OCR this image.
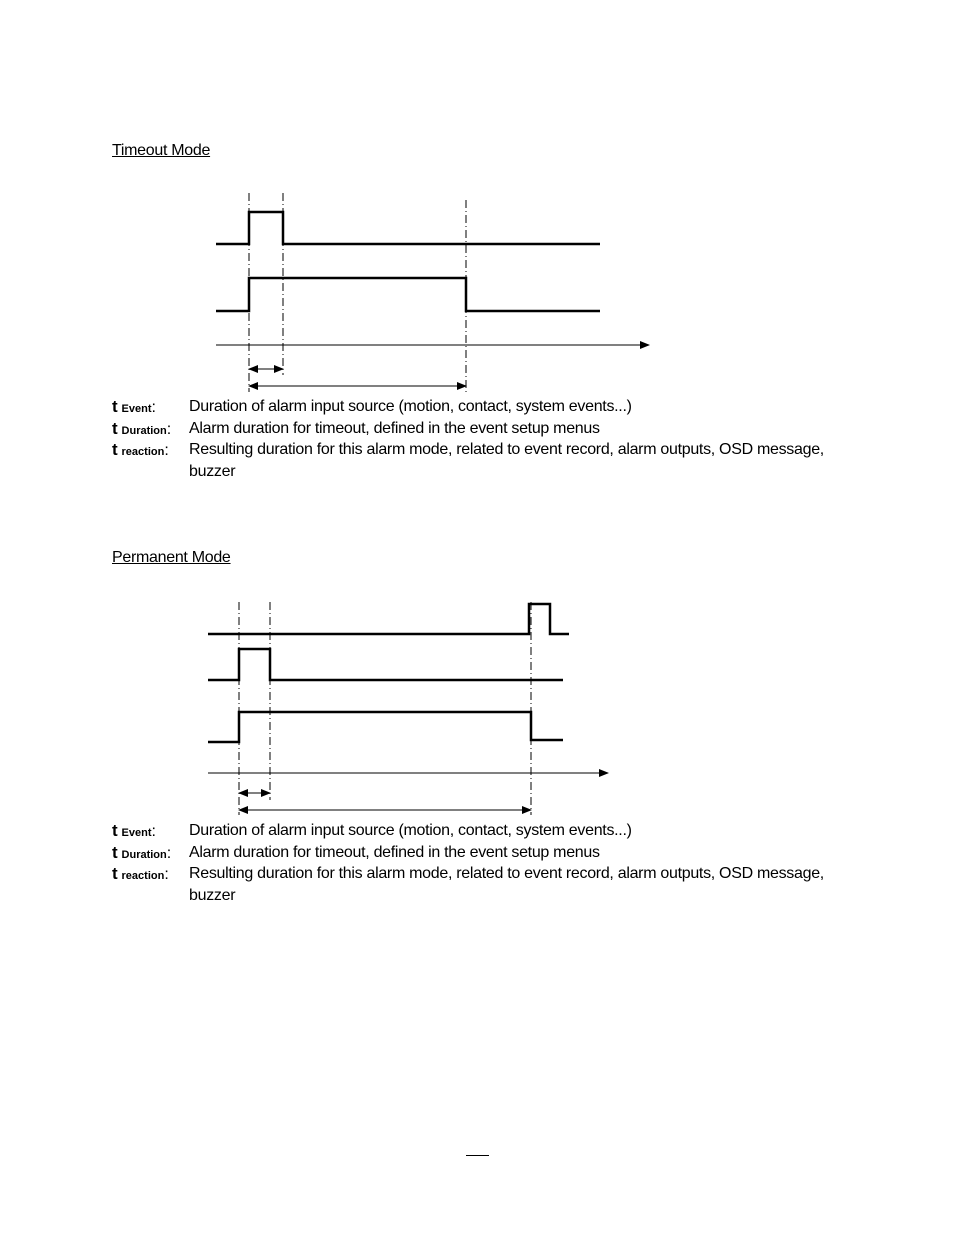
Timeout Mode
t Event: Duration of alarm input source (motion, contact, system events...)
t Duration: Alarm duration for timeout, defined in the event setup menus
t reaction: Resulting duration for this alarm mode, related to event record, alarm outputs, OSD message, buzzer
Permanent Mode
t Event: Duration of alarm input source (motion, contact, system events...)
t Duration: Alarm duration for timeout, defined in the event setup menus
t reaction: Resulting duration for this alarm mode, related to event record, alarm outputs, OSD message, buzzer
